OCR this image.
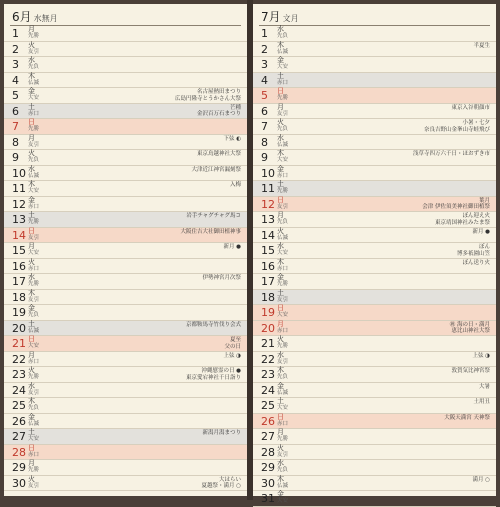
6月 水無月
1	月
先勝
2	火
友引
3	水
先負
4	木
仏滅
5	金
大安
名古屋熱田まつり
広島円隆寺とうかさん大祭
6	土
赤口
芒種
金沢百万石まつり
7	日
先勝
8	月
友引
下弦 ◐
9	火
先負
東京鳥越神社大祭
10 水
仏滅
大津近江神宮漏刻祭
11 木
大安
入梅
12 金
赤口
13 土
先勝
岩手チャグチャグ馬コ
14 日
友引
大阪住吉大社御田植神事
15 月
大安
新月 ●
16 火
赤口
17 水
先勝
伊勢神宮月次祭
18 木
友引
19 金
先負
20 土
仏滅
京都鞍馬寺竹伐り会式
21 日
大安
夏至
父の日
22 月
赤口
上弦 ◑
23 火
先勝
沖縄慰霊の日 ●
東京愛宕神社千日詣り
24 水
友引
25 木
先負
26 金
仏滅
27 土
大安
新潟月潟まつり
28 日
赤口
29 月
先勝
30 火
友引
大はらい
夏越祭・満月 ○
7月 文月
1	水
先負
2	木
仏滅
半夏生
3	金
大安
4	土
赤口
5	日
先勝
6	月
友引
東京入谷朝顔市
7	火
先負
小暑・七夕
奈良吉野山金峯山寺蛙飛び
8	水
仏滅
9	木
大安
浅草寺四万六千日・ほおずき市
10 金
赤口
11 土
先勝
12 日
友引
葉月
会津 伊佐須美神社御田植祭
13 月
先負
ぼん迎え火
東京靖国神社みたま祭
14 火
仏滅
新月 ●
15 水
大安
ぼん
博多祇園山笠
16 木
赤口
ぼん送り火
17 金
先勝
18 土
友引
19 日
大安
20 月
赤口
㊗ 海の日・満月
恵比山神社大祭
21 火
先勝
22 水
友引
上弦 ◑
23 木
先負
敦賀気比神宮祭
24 金
仏滅
大暑
25 土
大安
土用丑
26 日
赤口
大阪天満宮 天神祭
27 月
先勝
28 火
友引
29 水
先負
30 木
仏滅
満月 ○
31 金
大安
